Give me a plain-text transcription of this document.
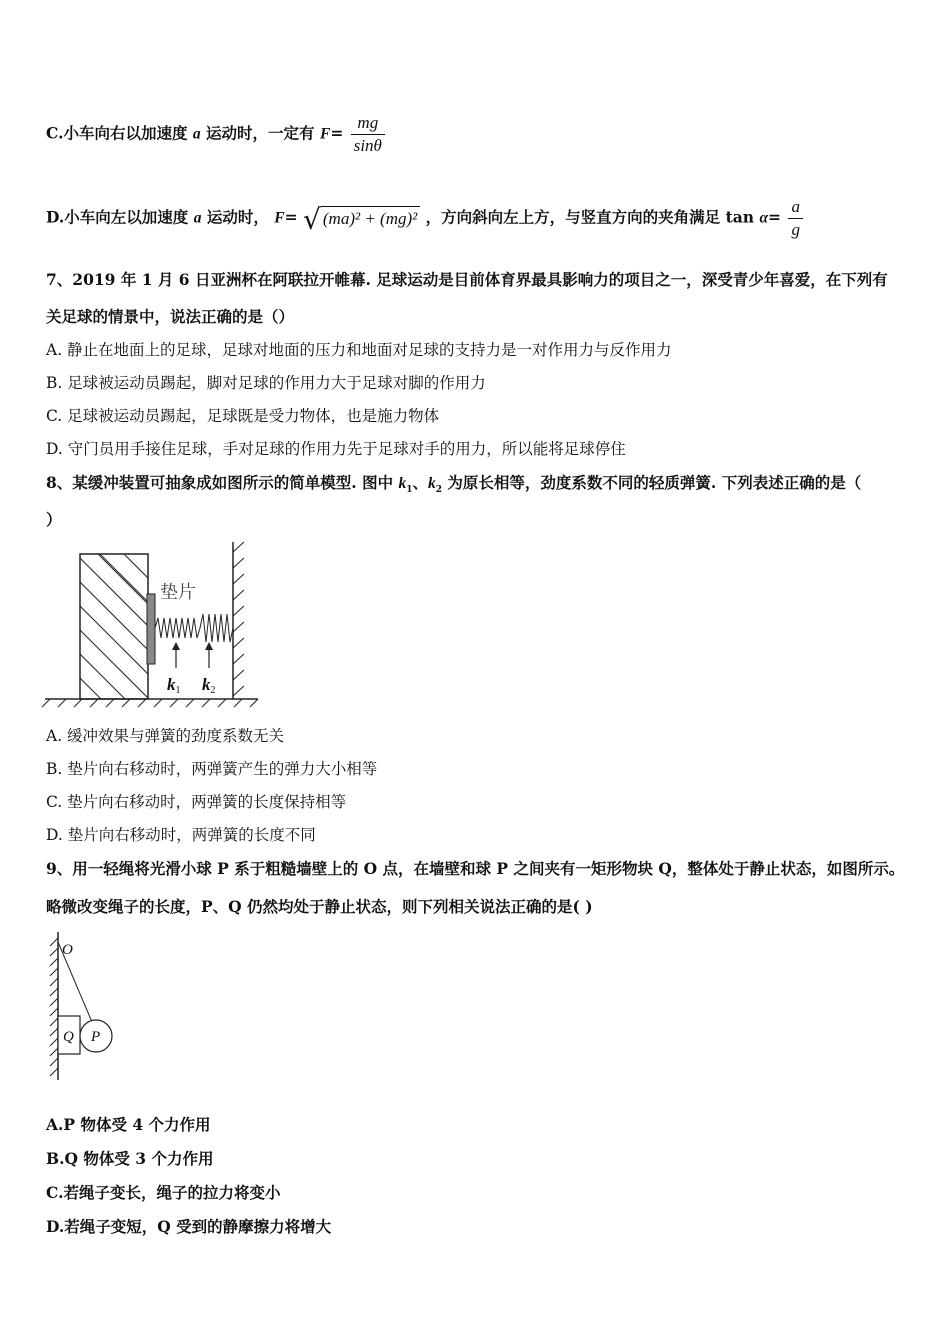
C.小车向右以加速度 a 运动时，一定有 $F= \frac{mg}{\sin\theta}$
D.小车向左以加速度 a 运动时， F= √ (ma)² + (mg)² ，方向斜向左上方，与竖直方向的夹角满足 $\tan \alpha= \frac{a}{g}$
7、2019 年 1 月 6 日亚洲杯在阿联拉开帷幕. 足球运动是目前体育界最具影响力的项目之一，深受青少年喜爱，在下列有
关足球的情景中，说法正确的是（）
A. 静止在地面上的足球，足球对地面的压力和地面对足球的支持力是一对作用力与反作用力
B. 足球被运动员踢起，脚对足球的作用力大于足球对脚的作用力
C. 足球被运动员踢起，足球既是受力物体，也是施力物体
D. 守门员用手接住足球，手对足球的作用力先于足球对手的用力，所以能将足球停住
8、某缓冲装置可抽象成如图所示的简单模型. 图中 $k_1$、$k_2$ 为原长相等，劲度系数不同的轻质弹簧. 下列表述正确的是（
）
垫片
k1 k2
A. 缓冲效果与弹簧的劲度系数无关
B. 垫片向右移动时，两弹簧产生的弹力大小相等
C. 垫片向右移动时，两弹簧的长度保持相等
D. 垫片向右移动时，两弹簧的长度不同
9、用一轻绳将光滑小球 P 系于粗糙墙壁上的 O 点，在墙壁和球 P 之间夹有一矩形物块 Q，整体处于静止状态，如图所示。
略微改变绳子的长度，P、Q 仍然均处于静止状态，则下列相关说法正确的是( )
O
Q P
A.P 物体受 4 个力作用
B.Q 物体受 3 个力作用
C.若绳子变长，绳子的拉力将变小
D.若绳子变短，Q 受到的静摩擦力将增大
